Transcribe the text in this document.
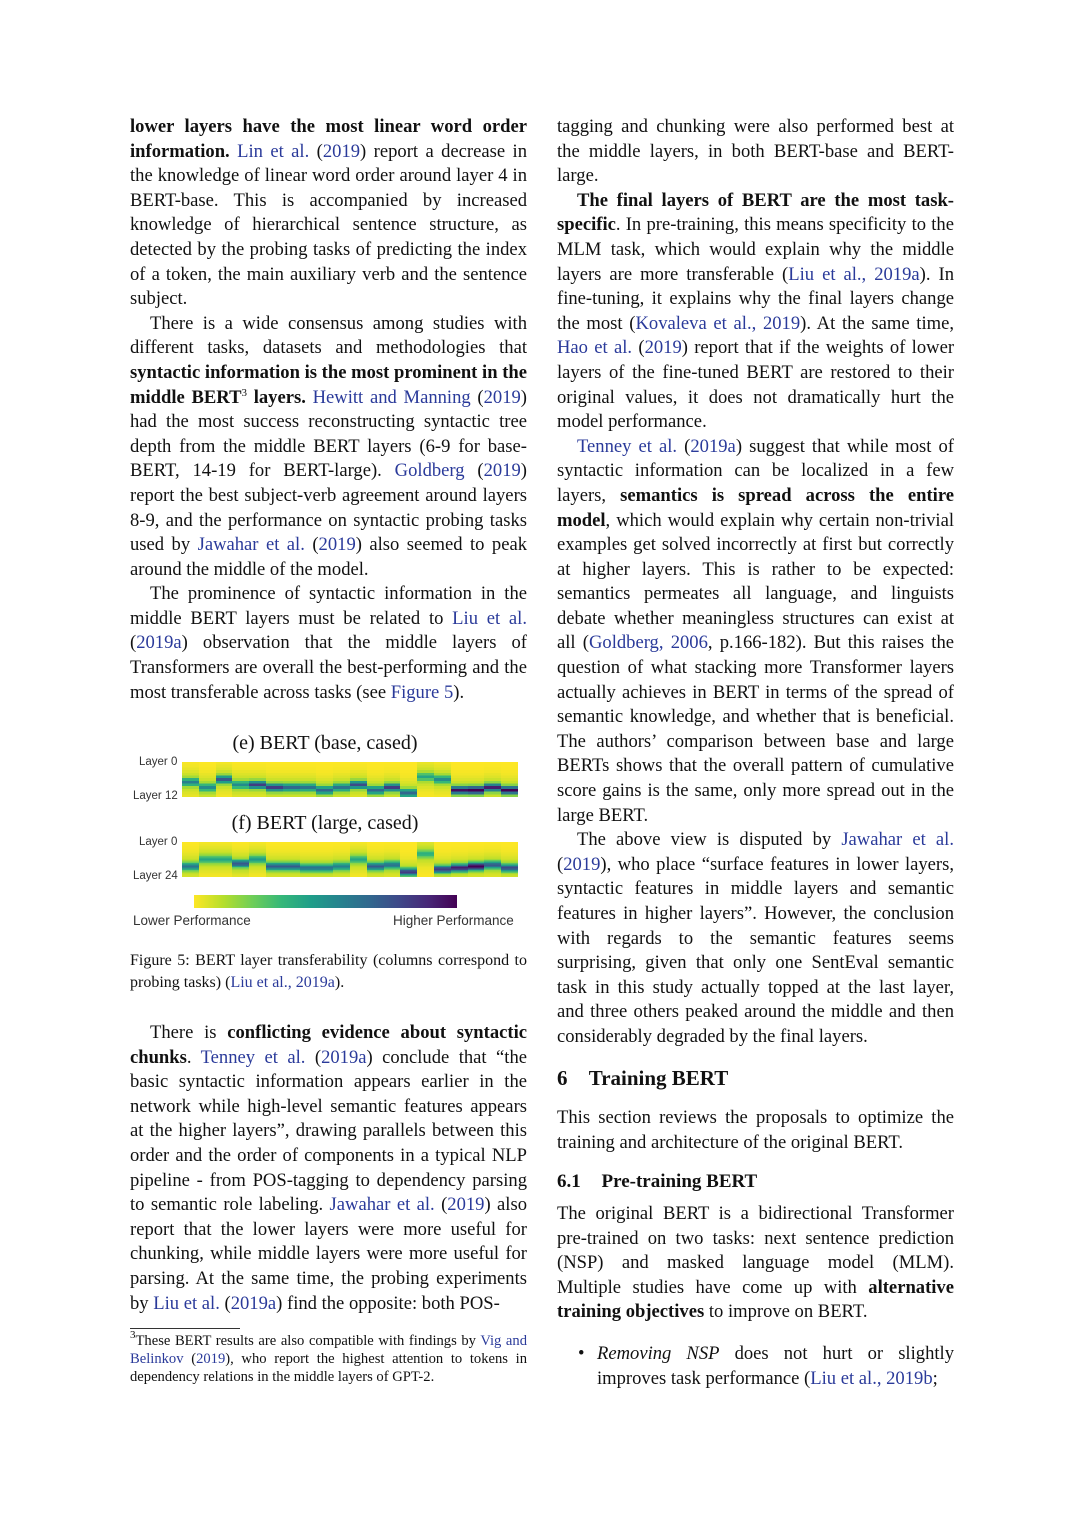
lower layers have the most linear word order information. Lin et al. (2019) report a decrease in the knowledge of linear word order around layer 4 in BERT-base. This is accompanied by increased knowledge of hierarchical sentence structure, as detected by the probing tasks of predicting the index of a token, the main auxiliary verb and the sentence subject.

There is a wide consensus among studies with different tasks, datasets and methodologies that syntactic information is the most prominent in the middle BERT$^3$ layers. Hewitt and Manning (2019) had the most success reconstructing syntactic tree depth from the middle BERT layers (6-9 for base-BERT, 14-19 for BERT-large). Goldberg (2019) report the best subject-verb agreement around layers 8-9, and the performance on syntactic probing tasks used by Jawahar et al. (2019) also seemed to peak around the middle of the model.

The prominence of syntactic information in the middle BERT layers must be related to Liu et al. (2019a) observation that the middle layers of Transformers are overall the best-performing and the most transferable across tasks (see Figure 5).

(e) BERT (base, cased)
Layer 0
Layer 12
(f) BERT (large, cased)
Layer 0
Layer 24
Lower Performance	Higher Performance

Figure 5: BERT layer transferability (columns correspond to probing tasks) (Liu et al., 2019a).

There is conflicting evidence about syntactic chunks. Tenney et al. (2019a) conclude that “the basic syntactic information appears earlier in the network while high-level semantic features appears at the higher layers”, drawing parallels between this order and the order of components in a typical NLP pipeline - from POS-tagging to dependency parsing to semantic role labeling. Jawahar et al. (2019) also report that the lower layers were more useful for chunking, while middle layers were more useful for parsing. At the same time, the probing experiments by Liu et al. (2019a) find the opposite: both POS-

$^3$These BERT results are also compatible with findings by Vig and Belinkov (2019), who report the highest attention to tokens in dependency relations in the middle layers of GPT-2.

tagging and chunking were also performed best at the middle layers, in both BERT-base and BERT-large.

The final layers of BERT are the most task-specific. In pre-training, this means specificity to the MLM task, which would explain why the middle layers are more transferable (Liu et al., 2019a). In fine-tuning, it explains why the final layers change the most (Kovaleva et al., 2019). At the same time, Hao et al. (2019) report that if the weights of lower layers of the fine-tuned BERT are restored to their original values, it does not dramatically hurt the model performance.

Tenney et al. (2019a) suggest that while most of syntactic information can be localized in a few layers, semantics is spread across the entire model, which would explain why certain non-trivial examples get solved incorrectly at first but correctly at higher layers. This is rather to be expected: semantics permeates all language, and linguists debate whether meaningless structures can exist at all (Goldberg, 2006, p.166-182). But this raises the question of what stacking more Transformer layers actually achieves in BERT in terms of the spread of semantic knowledge, and whether that is beneficial. The authors’ comparison between base and large BERTs shows that the overall pattern of cumulative score gains is the same, only more spread out in the large BERT.

The above view is disputed by Jawahar et al. (2019), who place “surface features in lower layers, syntactic features in middle layers and semantic features in higher layers”. However, the conclusion with regards to the semantic features seems surprising, given that only one SentEval semantic task in this study actually topped at the last layer, and three others peaked around the middle and then considerably degraded by the final layers.

6 Training BERT

This section reviews the proposals to optimize the training and architecture of the original BERT.

6.1 Pre-training BERT

The original BERT is a bidirectional Transformer pre-trained on two tasks: next sentence prediction (NSP) and masked language model (MLM). Multiple studies have come up with alternative training objectives to improve on BERT.

• Removing NSP does not hurt or slightly improves task performance (Liu et al., 2019b;
